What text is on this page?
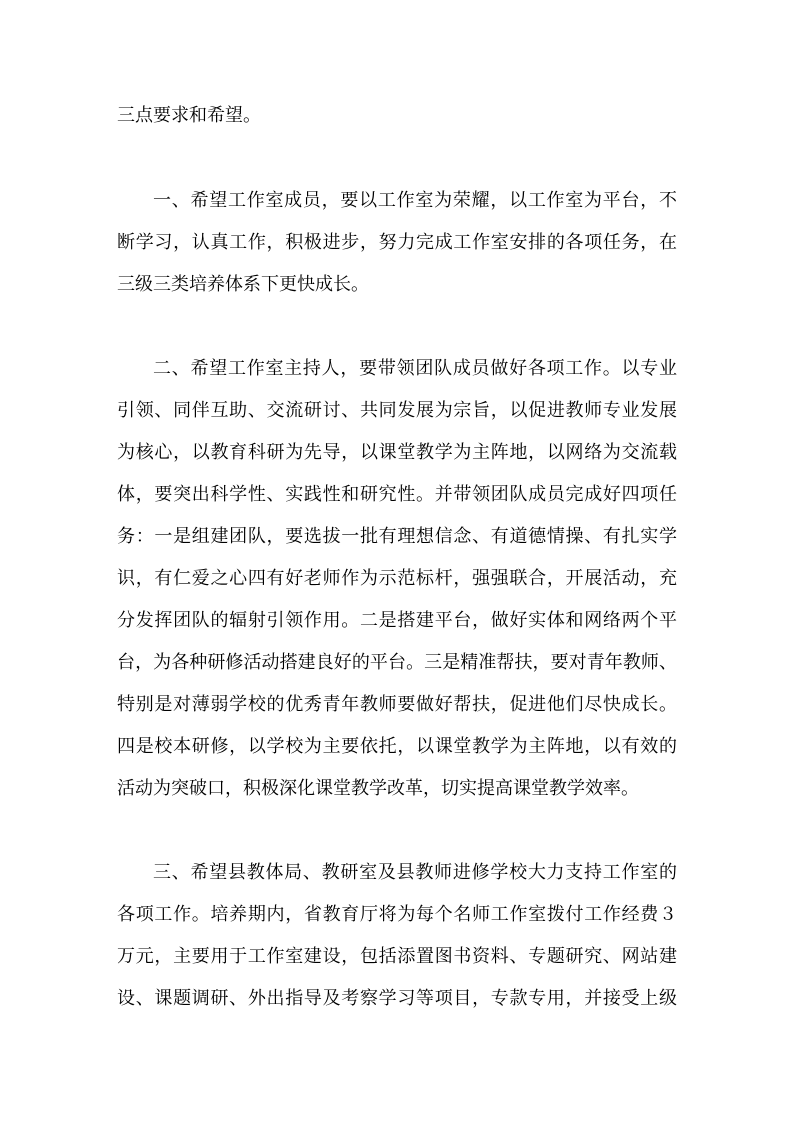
三点要求和希望。
一、希望工作室成员，要以工作室为荣耀，以工作室为平台，不
断学习，认真工作，积极进步，努力完成工作室安排的各项任务，在
三级三类培养体系下更快成长。
二、希望工作室主持人，要带领团队成员做好各项工作。以专业
引领、同伴互助、交流研讨、共同发展为宗旨，以促进教师专业发展
为核心，以教育科研为先导，以课堂教学为主阵地，以网络为交流载
体，要突出科学性、实践性和研究性。并带领团队成员完成好四项任
务：一是组建团队，要选拔一批有理想信念、有道德情操、有扎实学
识，有仁爱之心四有好老师作为示范标杆，强强联合，开展活动，充
分发挥团队的辐射引领作用。二是搭建平台，做好实体和网络两个平
台，为各种研修活动搭建良好的平台。三是精准帮扶，要对青年教师、
特别是对薄弱学校的优秀青年教师要做好帮扶，促进他们尽快成长。
四是校本研修，以学校为主要依托，以课堂教学为主阵地，以有效的
活动为突破口，积极深化课堂教学改革，切实提高课堂教学效率。
三、希望县教体局、教研室及县教师进修学校大力支持工作室的
各项工作。培养期内，省教育厅将为每个名师工作室拨付工作经费３
万元，主要用于工作室建设，包括添置图书资料、专题研究、网站建
设、课题调研、外出指导及考察学习等项目，专款专用，并接受上级
